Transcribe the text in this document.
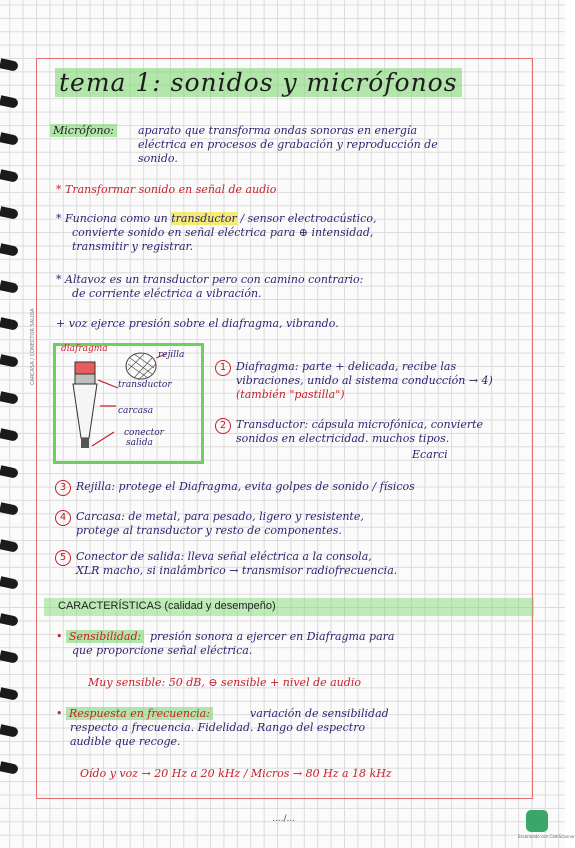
tema 1: sonidos y micrófonos
Micrófono: aparato que transforma ondas sonoras en energía
eléctrica en procesos de grabación y reproducción de
sonido.
* Transformar sonido en señal de audio
* Funciona como un transductor / sensor electroacústico,
convierte sonido en señal eléctrica para ⊕ intensidad,
transmitir y registrar.
* Altavoz es un transductor pero con camino contrario:
de corriente eléctrica a vibración.
+ voz ejerce presión sobre el diafragma, vibrando.
CARCASA / CONECTOR SALIDA	diafragma
rejilla
transductor
carcasa
conector
salida
1 Diafragma: parte + delicada, recibe las
vibraciones, unido al sistema conducción → 4)
(también "pastilla")
2 Transductor: cápsula microfónica, convierte
sonidos en electricidad. muchos tipos.
Ecarci
3 Rejilla: protege el Diafragma, evita golpes de sonido / físicos
4 Carcasa: de metal, para pesado, ligero y resistente,
protege al transductor y resto de componentes.
5 Conector de salida: lleva señal eléctrica a la consola,
XLR macho, si inalámbrico → transmisor radiofrecuencia.
CARACTERÍSTICAS (calidad y desempeño)
• Sensibilidad: presión sonora a ejercer en Diafragma para
que proporcione señal eléctrica.
Muy sensible: 50 dB, ⊖ sensible + nivel de audio
• Respuesta en frecuencia:	variación de sensibilidad
respecto a frecuencia. Fidelidad. Rango del espectro
audible que recoge.
Oído y voz → 20 Hz a 20 kHz / Micros → 80 Hz a 18 kHz
..../...
Escaneado con CamScanner
